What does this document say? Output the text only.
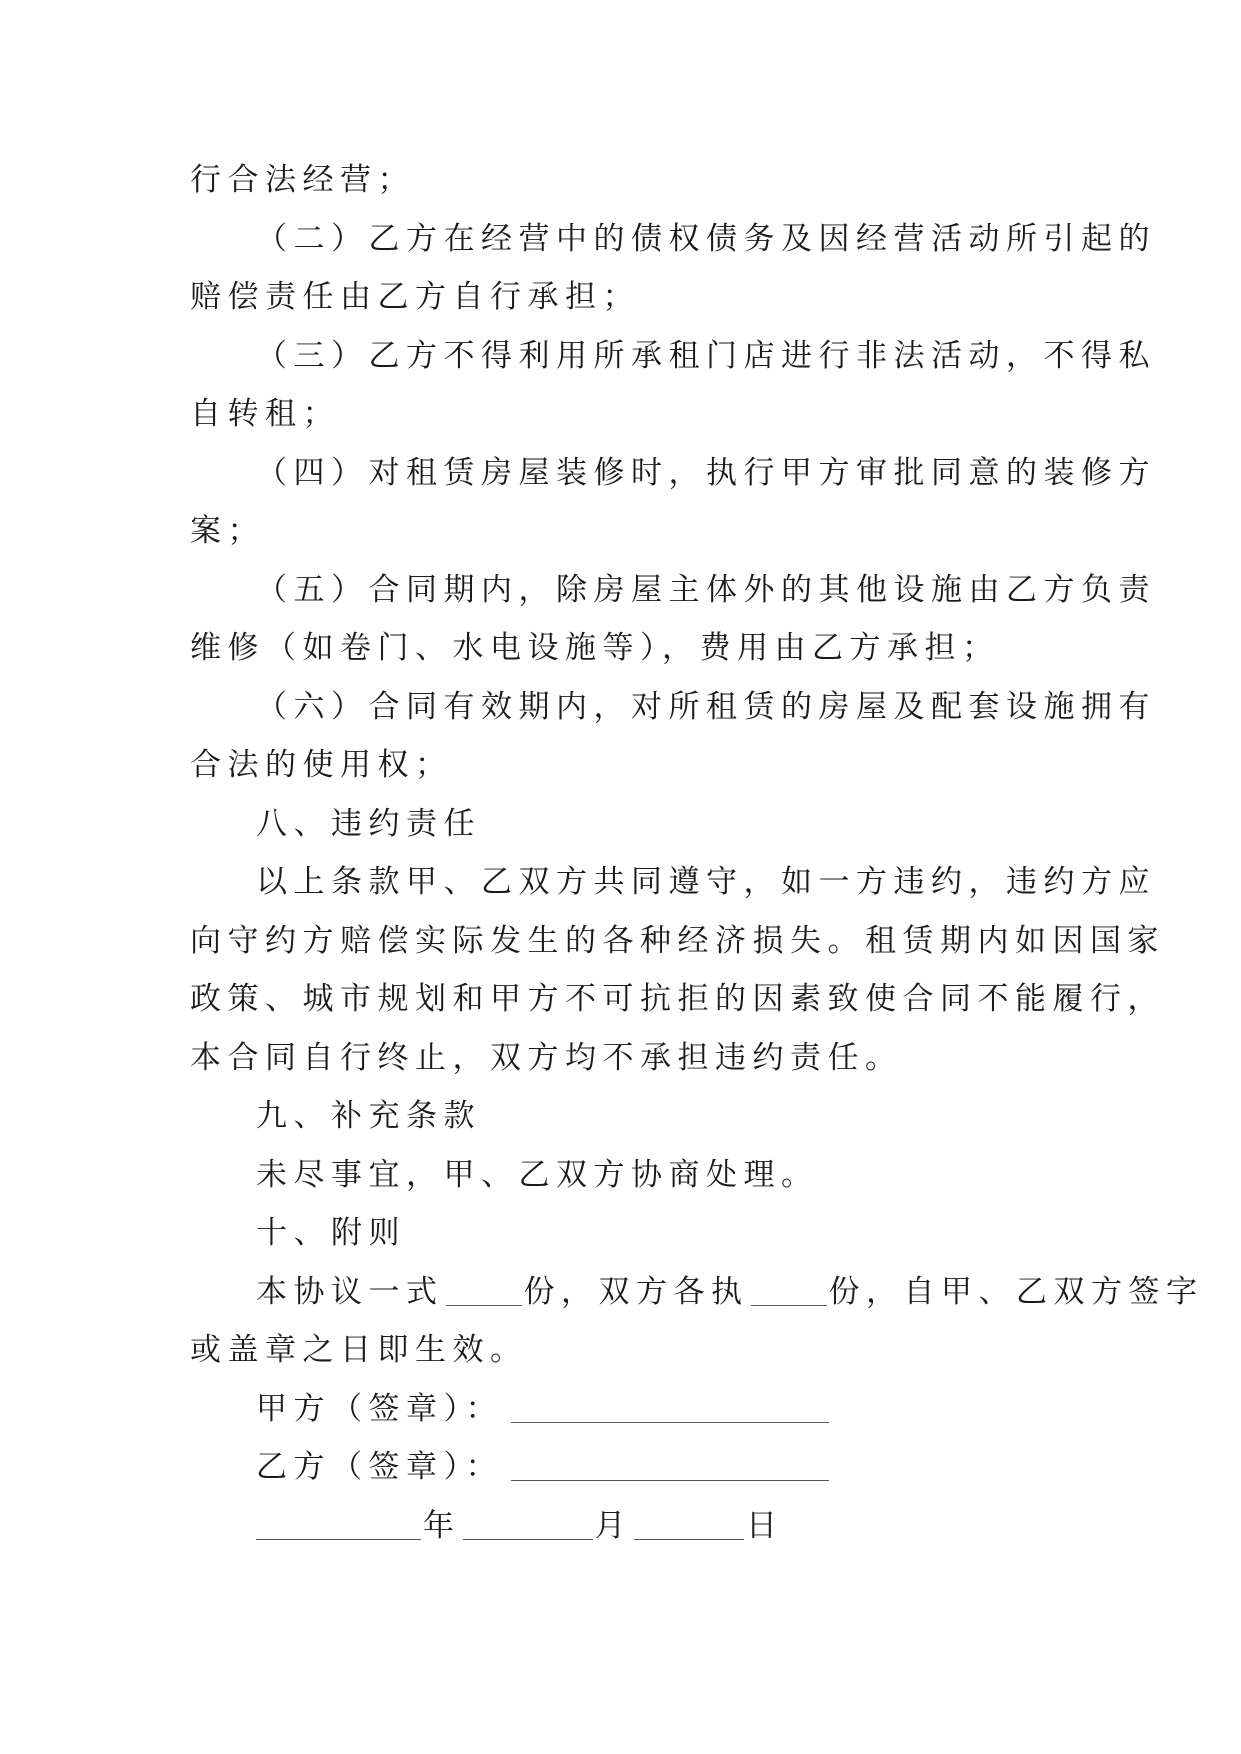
行合法经营；
（二）乙方在经营中的债权债务及因经营活动所引起的
赔偿责任由乙方自行承担；
（三）乙方不得利用所承租门店进行非法活动，不得私
自转租；
（四）对租赁房屋装修时，执行甲方审批同意的装修方
案；
（五）合同期内，除房屋主体外的其他设施由乙方负责
维修（如卷门、水电设施等），费用由乙方承担；
（六）合同有效期内，对所租赁的房屋及配套设施拥有
合法的使用权；
八、违约责任
以上条款甲、乙双方共同遵守，如一方违约，违约方应
向守约方赔偿实际发生的各种经济损失。租赁期内如因国家
政策、城市规划和甲方不可抗拒的因素致使合同不能履行，
本合同自行终止，双方均不承担违约责任。
九、补充条款
未尽事宜，甲、乙双方协商处理。
十、附则
本协议一式	份，双方各执	份，自甲、乙双方签字
或盖章之日即生效。
甲方（签章）：
乙方（签章）：
年	月	日
